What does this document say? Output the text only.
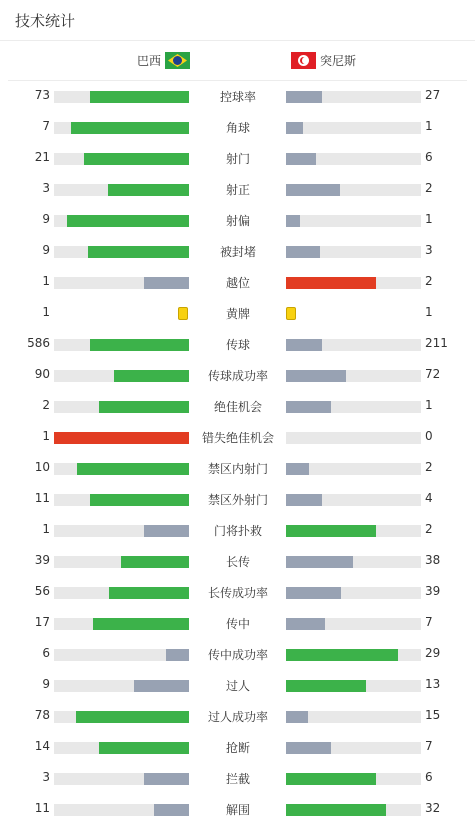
技术统计
巴西	突尼斯
73	控球率	27
7	角球	1
21	射门	6
3	射正	2
9	射偏	1
9	被封堵	3
1	越位	2
1	黄牌	1
586	传球	211
90	传球成功率	72
2	绝佳机会	1
1	错失绝佳机会	0
10	禁区内射门	2
11	禁区外射门	4
1	门将扑救	2
39	长传	38
56	长传成功率	39
17	传中	7
6	传中成功率	29
9	过人	13
78	过人成功率	15
14	抢断	7
3	拦截	6
11	解围	32
